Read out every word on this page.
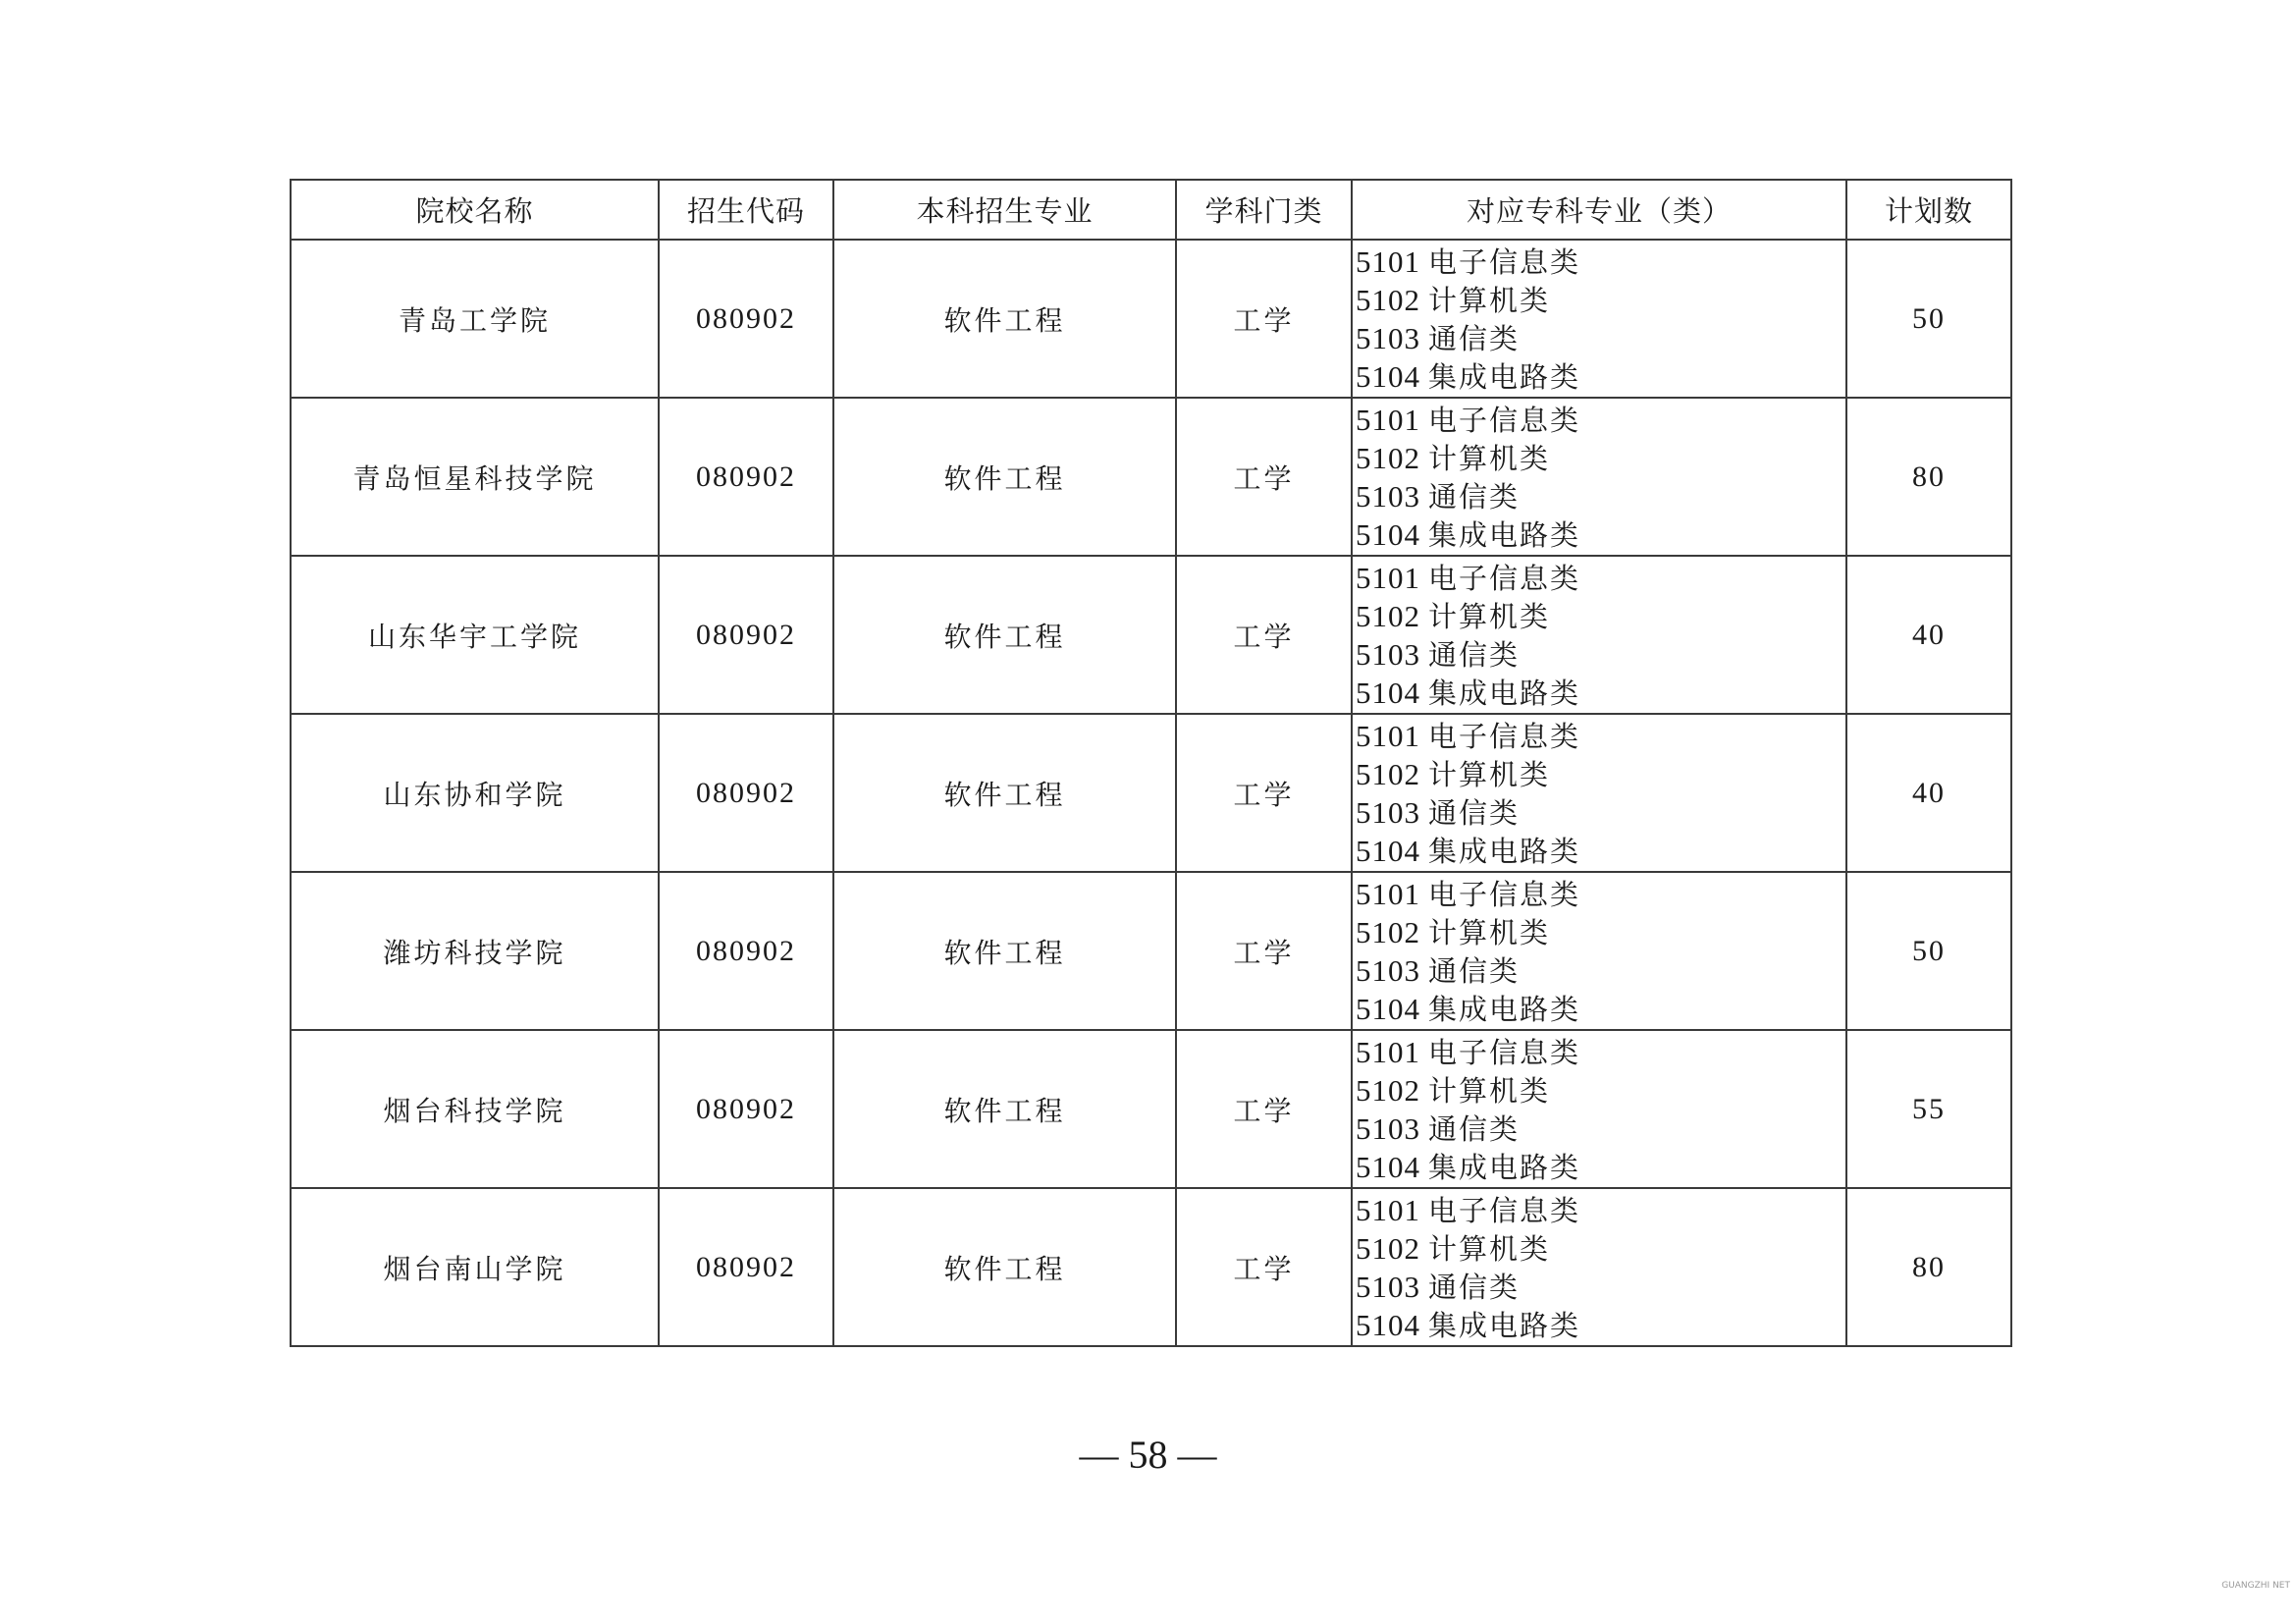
院校名称	招生代码	本科招生专业	学科门类	对应专科专业（类）	计划数
青岛工学院	080902	软件工程	工学	5101 电子信息类
5102 计算机类
5103 通信类
5104 集成电路类	50
青岛恒星科技学院	080902	软件工程	工学	5101 电子信息类
5102 计算机类
5103 通信类
5104 集成电路类	80
山东华宇工学院	080902	软件工程	工学	5101 电子信息类
5102 计算机类
5103 通信类
5104 集成电路类	40
山东协和学院	080902	软件工程	工学	5101 电子信息类
5102 计算机类
5103 通信类
5104 集成电路类	40
潍坊科技学院	080902	软件工程	工学	5101 电子信息类
5102 计算机类
5103 通信类
5104 集成电路类	50
烟台科技学院	080902	软件工程	工学	5101 电子信息类
5102 计算机类
5103 通信类
5104 集成电路类	55
烟台南山学院	080902	软件工程	工学	5101 电子信息类
5102 计算机类
5103 通信类
5104 集成电路类	80
— 58 —
GUANGZHI NET
